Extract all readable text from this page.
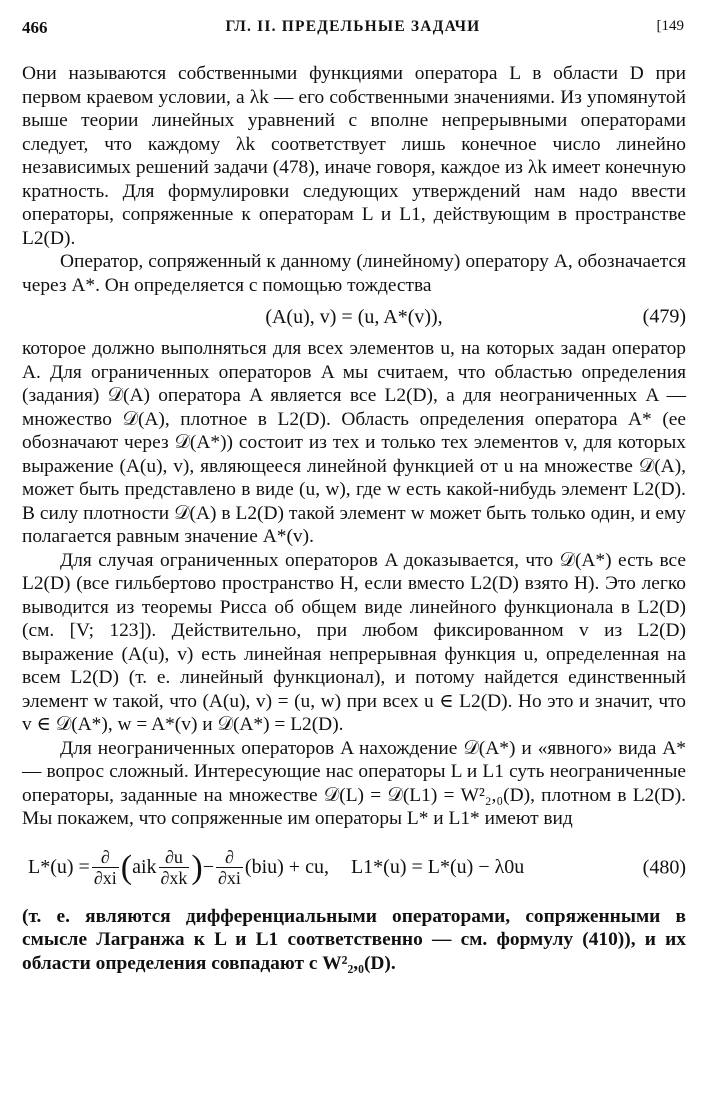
466	ГЛ. II. ПРЕДЕЛЬНЫЕ ЗАДАЧИ	[149

Они называются собственными функциями оператора L в области D при первом краевом условии, а λk — его собственными значениями. Из упомянутой выше теории линейных уравнений с вполне непрерывными операторами следует, что каждому λk соответствует лишь конечное число линейно независимых решений задачи (478), иначе говоря, каждое из λk имеет конечную кратность. Для формулировки следующих утверждений нам надо ввести операторы, сопряженные к операторам L и L1, действующим в пространстве L2(D).

Оператор, сопряженный к данному (линейному) оператору A, обозначается через A*. Он определяется с помощью тождества

(A(u), v) = (u, A*(v)),	(479)

которое должно выполняться для всех элементов u, на которых задан оператор A. Для ограниченных операторов A мы считаем, что областью определения (задания) 𝒟(A) оператора A является все L2(D), а для неограниченных A — множество 𝒟(A), плотное в L2(D). Область определения оператора A* (ее обозначают через 𝒟(A*)) состоит из тех и только тех элементов v, для которых выражение (A(u), v), являющееся линейной функцией от u на множестве 𝒟(A), может быть представлено в виде (u, w), где w есть какой-нибудь элемент L2(D). В силу плотности 𝒟(A) в L2(D) такой элемент w может быть только один, и ему полагается равным значение A*(v).

Для случая ограниченных операторов A доказывается, что 𝒟(A*) есть все L2(D) (все гильбертово пространство H, если вместо L2(D) взято H). Это легко выводится из теоремы Рисса об общем виде линейного функционала в L2(D) (см. [V; 123]). Действительно, при любом фиксированном v из L2(D) выражение (A(u), v) есть линейная непрерывная функция u, определенная на всем L2(D) (т. е. линейный функционал), и потому найдется единственный элемент w такой, что (A(u), v) = (u, w) при всех u ∈ L2(D). Но это и значит, что v ∈ 𝒟(A*), w = A*(v) и 𝒟(A*) = L2(D).

Для неограниченных операторов A нахождение 𝒟(A*) и «явного» вида A* — вопрос сложный. Интересующие нас операторы L и L1 суть неограниченные операторы, заданные на множестве 𝒟(L) = 𝒟(L1) = W²₂,₀(D), плотном в L2(D). Мы покажем, что сопряженные им операторы L* и L1* имеют вид

$L*(u) = \frac{\partial}{\partial xi}$ ( aik $\frac{\partial u}{\partial xk}$ ) − $\frac{\partial}{\partial xi} (biu)$ + cu, L1*(u) = L*(u) − λ0u	(480)

(т. е. являются дифференциальными операторами, сопряженными в смысле Лагранжа к L и L1 соответственно — см. формулу (410)), и их области определения совпадают с W²₂,₀(D).
